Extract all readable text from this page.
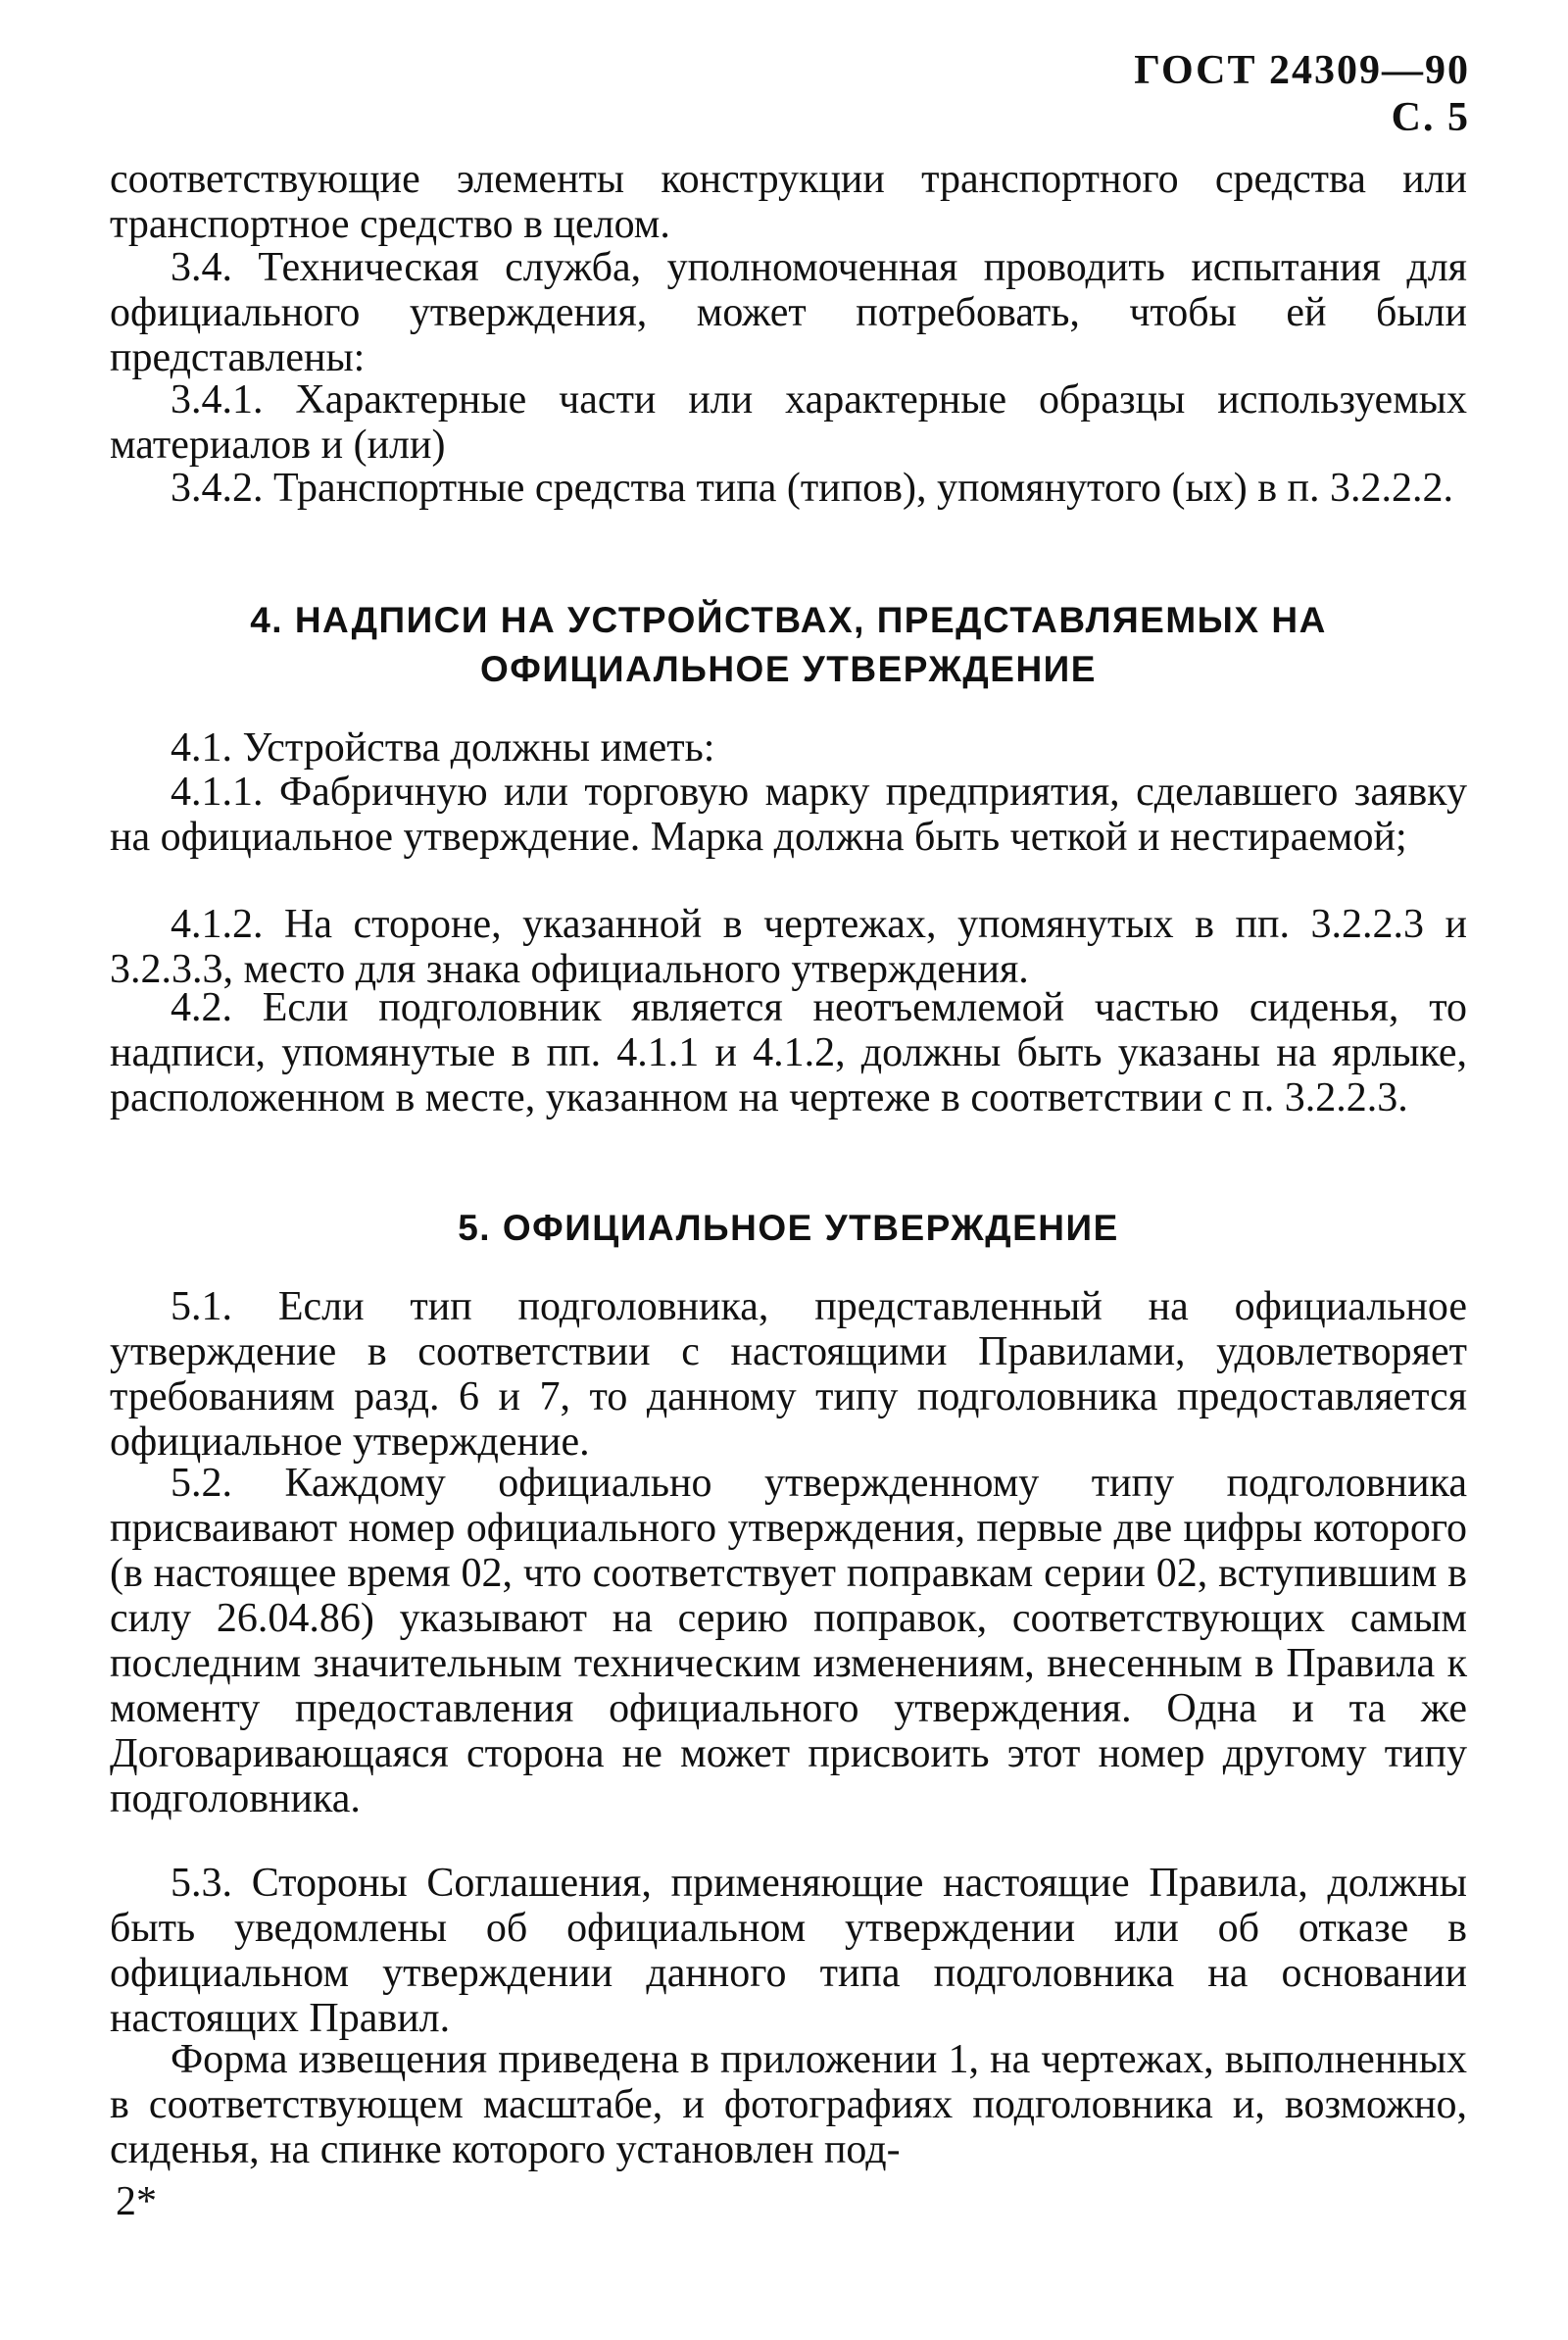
ГОСТ 24309—90 С. 5

соответствующие элементы конструкции транспортного средства или транспортное средство в целом.

3.4. Техническая служба, уполномоченная проводить испытания для официального утверждения, может потребовать, чтобы ей были представлены:

3.4.1. Характерные части или характерные образцы используемых материалов и (или)

3.4.2. Транспортные средства типа (типов), упомянутого (ых) в п. 3.2.2.2.

4. НАДПИСИ НА УСТРОЙСТВАХ, ПРЕДСТАВЛЯЕМЫХ НА
ОФИЦИАЛЬНОЕ УТВЕРЖДЕНИЕ

4.1. Устройства должны иметь:

4.1.1. Фабричную или торговую марку предприятия, сделавшего заявку на официальное утверждение. Марка должна быть четкой и нестираемой;

4.1.2. На стороне, указанной в чертежах, упомянутых в пп. 3.2.2.3 и 3.2.3.3, место для знака официального утверждения.

4.2. Если подголовник является неотъемлемой частью сиденья, то надписи, упомянутые в пп. 4.1.1 и 4.1.2, должны быть указаны на ярлыке, расположенном в месте, указанном на чертеже в соответствии с п. 3.2.2.3.

5. ОФИЦИАЛЬНОЕ УТВЕРЖДЕНИЕ

5.1. Если тип подголовника, представленный на официальное утверждение в соответствии с настоящими Правилами, удовлетворяет требованиям разд. 6 и 7, то данному типу подголовника предоставляется официальное утверждение.

5.2. Каждому официально утвержденному типу подголовника присваивают номер официального утверждения, первые две цифры которого (в настоящее время 02, что соответствует поправкам серии 02, вступившим в силу 26.04.86) указывают на серию поправок, соответствующих самым последним значительным техническим изменениям, внесенным в Правила к моменту предоставления официального утверждения. Одна и та же Договаривающаяся сторона не может присвоить этот номер другому типу подголовника.

5.3. Стороны Соглашения, применяющие настоящие Правила, должны быть уведомлены об официальном утверждении или об отказе в официальном утверждении данного типа подголовника на основании настоящих Правил.

Форма извещения приведена в приложении 1, на чертежах, выполненных в соответствующем масштабе, и фотографиях подголовника и, возможно, сиденья, на спинке которого установлен под-

2*
